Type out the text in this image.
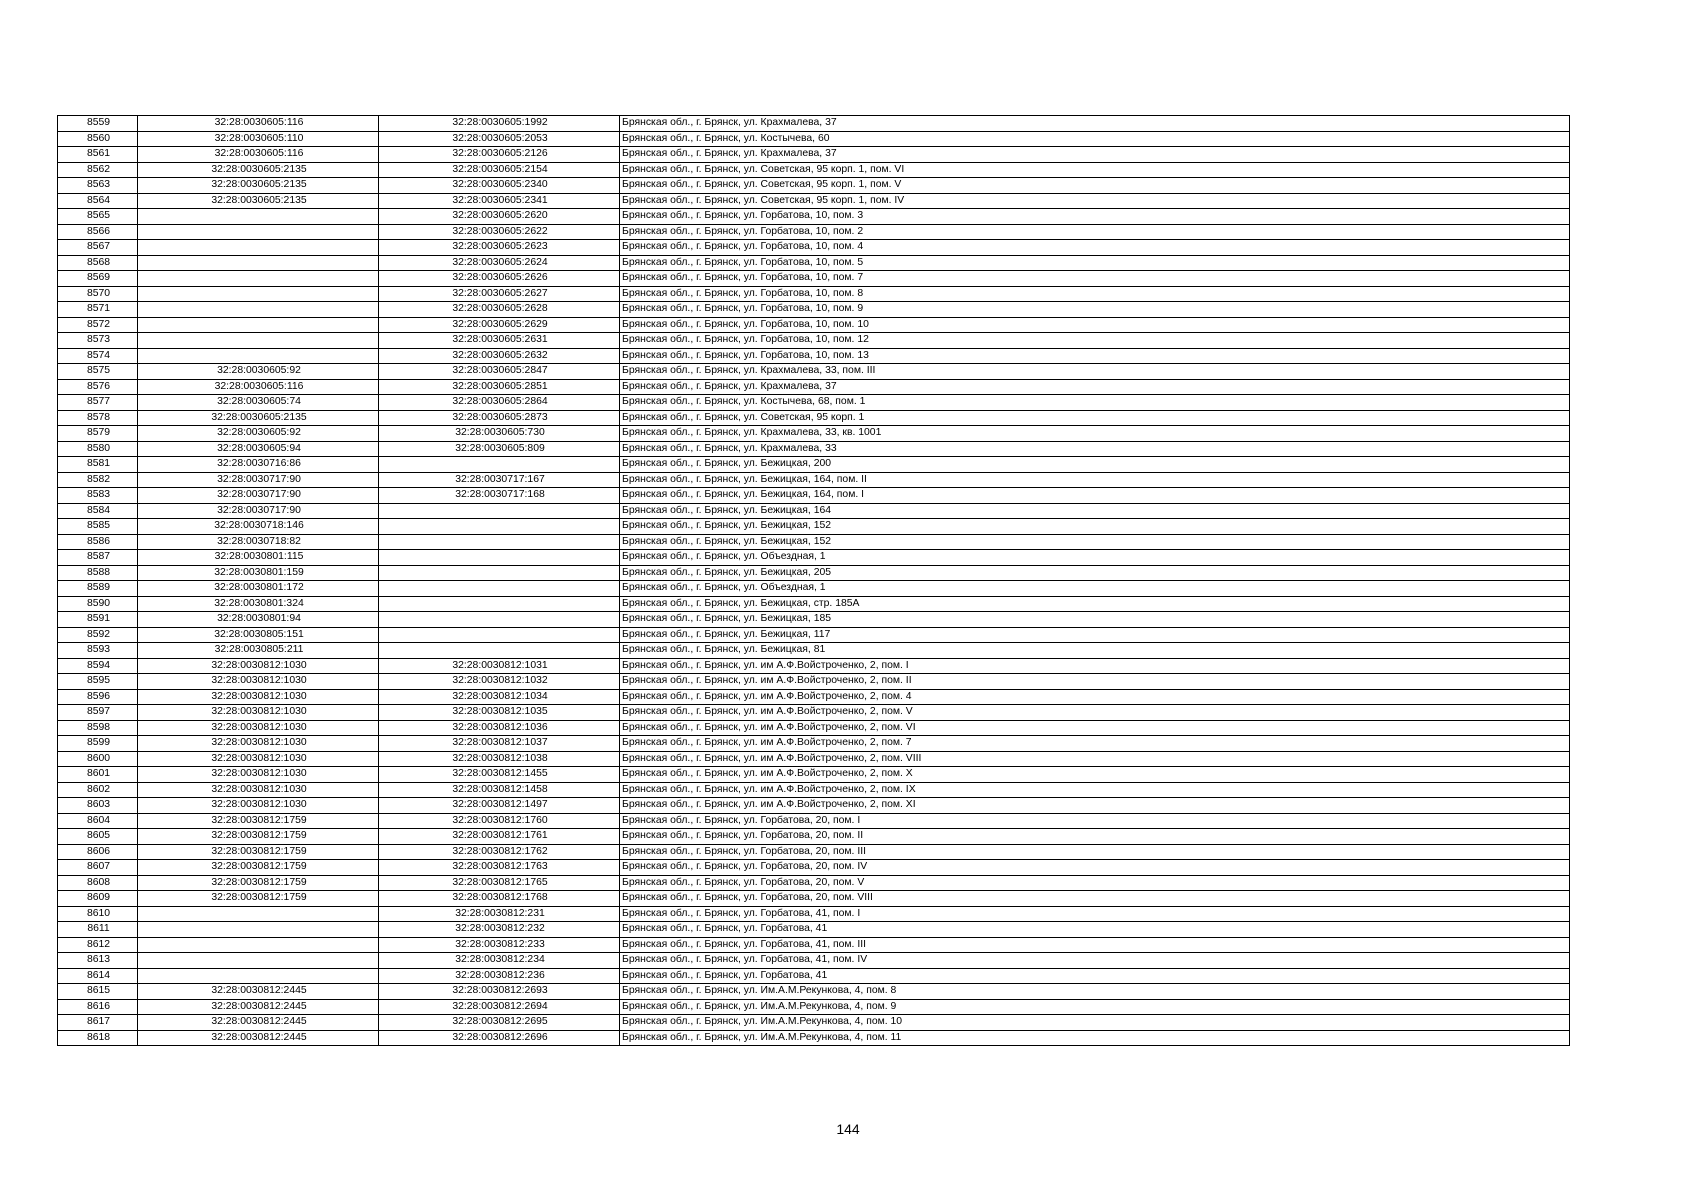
8559	32:28:0030605:116	32:28:0030605:1992	Брянская обл., г. Брянск, ул. Крахмалева, 37
8560	32:28:0030605:110	32:28:0030605:2053	Брянская обл., г. Брянск, ул. Костычева, 60
8561	32:28:0030605:116	32:28:0030605:2126	Брянская обл., г. Брянск, ул. Крахмалева, 37
8562	32:28:0030605:2135	32:28:0030605:2154	Брянская обл., г. Брянск, ул. Советская, 95 корп. 1, пом. VI
8563	32:28:0030605:2135	32:28:0030605:2340	Брянская обл., г. Брянск, ул. Советская, 95 корп. 1, пом. V
8564	32:28:0030605:2135	32:28:0030605:2341	Брянская обл., г. Брянск, ул. Советская, 95 корп. 1, пом. IV
8565		32:28:0030605:2620	Брянская обл., г. Брянск, ул. Горбатова, 10, пом. 3
8566		32:28:0030605:2622	Брянская обл., г. Брянск, ул. Горбатова, 10, пом. 2
8567		32:28:0030605:2623	Брянская обл., г. Брянск, ул. Горбатова, 10, пом. 4
8568		32:28:0030605:2624	Брянская обл., г. Брянск, ул. Горбатова, 10, пом. 5
8569		32:28:0030605:2626	Брянская обл., г. Брянск, ул. Горбатова, 10, пом. 7
8570		32:28:0030605:2627	Брянская обл., г. Брянск, ул. Горбатова, 10, пом. 8
8571		32:28:0030605:2628	Брянская обл., г. Брянск, ул. Горбатова, 10, пом. 9
8572		32:28:0030605:2629	Брянская обл., г. Брянск, ул. Горбатова, 10, пом. 10
8573		32:28:0030605:2631	Брянская обл., г. Брянск, ул. Горбатова, 10, пом. 12
8574		32:28:0030605:2632	Брянская обл., г. Брянск, ул. Горбатова, 10, пом. 13
8575	32:28:0030605:92	32:28:0030605:2847	Брянская обл., г. Брянск, ул. Крахмалева, 33, пом. III
8576	32:28:0030605:116	32:28:0030605:2851	Брянская обл., г. Брянск, ул. Крахмалева, 37
8577	32:28:0030605:74	32:28:0030605:2864	Брянская обл., г. Брянск, ул. Костычева, 68, пом. 1
8578	32:28:0030605:2135	32:28:0030605:2873	Брянская обл., г. Брянск, ул. Советская, 95 корп. 1
8579	32:28:0030605:92	32:28:0030605:730	Брянская обл., г. Брянск, ул. Крахмалева, 33, кв. 1001
8580	32:28:0030605:94	32:28:0030605:809	Брянская обл., г. Брянск, ул. Крахмалева, 33
8581	32:28:0030716:86		Брянская обл., г. Брянск, ул. Бежицкая, 200
8582	32:28:0030717:90	32:28:0030717:167	Брянская обл., г. Брянск, ул. Бежицкая, 164, пом. II
8583	32:28:0030717:90	32:28:0030717:168	Брянская обл., г. Брянск, ул. Бежицкая, 164, пом. I
8584	32:28:0030717:90		Брянская обл., г. Брянск, ул. Бежицкая, 164
8585	32:28:0030718:146		Брянская обл., г. Брянск, ул. Бежицкая, 152
8586	32:28:0030718:82		Брянская обл., г. Брянск, ул. Бежицкая, 152
8587	32:28:0030801:115		Брянская обл., г. Брянск, ул. Объездная, 1
8588	32:28:0030801:159		Брянская обл., г. Брянск, ул. Бежицкая, 205
8589	32:28:0030801:172		Брянская обл., г. Брянск, ул. Объездная, 1
8590	32:28:0030801:324		Брянская обл., г. Брянск, ул. Бежицкая, стр. 185А
8591	32:28:0030801:94		Брянская обл., г. Брянск, ул. Бежицкая, 185
8592	32:28:0030805:151		Брянская обл., г. Брянск, ул. Бежицкая, 117
8593	32:28:0030805:211		Брянская обл., г. Брянск, ул. Бежицкая, 81
8594	32:28:0030812:1030	32:28:0030812:1031	Брянская обл., г. Брянск, ул. им А.Ф.Войстроченко, 2, пом. I
8595	32:28:0030812:1030	32:28:0030812:1032	Брянская обл., г. Брянск, ул. им А.Ф.Войстроченко, 2, пом. II
8596	32:28:0030812:1030	32:28:0030812:1034	Брянская обл., г. Брянск, ул. им А.Ф.Войстроченко, 2, пом. 4
8597	32:28:0030812:1030	32:28:0030812:1035	Брянская обл., г. Брянск, ул. им А.Ф.Войстроченко, 2, пом. V
8598	32:28:0030812:1030	32:28:0030812:1036	Брянская обл., г. Брянск, ул. им А.Ф.Войстроченко, 2, пом. VI
8599	32:28:0030812:1030	32:28:0030812:1037	Брянская обл., г. Брянск, ул. им А.Ф.Войстроченко, 2, пом. 7
8600	32:28:0030812:1030	32:28:0030812:1038	Брянская обл., г. Брянск, ул. им А.Ф.Войстроченко, 2, пом. VIII
8601	32:28:0030812:1030	32:28:0030812:1455	Брянская обл., г. Брянск, ул. им А.Ф.Войстроченко, 2, пом. X
8602	32:28:0030812:1030	32:28:0030812:1458	Брянская обл., г. Брянск, ул. им А.Ф.Войстроченко, 2, пом. IX
8603	32:28:0030812:1030	32:28:0030812:1497	Брянская обл., г. Брянск, ул. им А.Ф.Войстроченко, 2, пом. XI
8604	32:28:0030812:1759	32:28:0030812:1760	Брянская обл., г. Брянск, ул. Горбатова, 20, пом. I
8605	32:28:0030812:1759	32:28:0030812:1761	Брянская обл., г. Брянск, ул. Горбатова, 20, пом. II
8606	32:28:0030812:1759	32:28:0030812:1762	Брянская обл., г. Брянск, ул. Горбатова, 20, пом. III
8607	32:28:0030812:1759	32:28:0030812:1763	Брянская обл., г. Брянск, ул. Горбатова, 20, пом. IV
8608	32:28:0030812:1759	32:28:0030812:1765	Брянская обл., г. Брянск, ул. Горбатова, 20, пом. V
8609	32:28:0030812:1759	32:28:0030812:1768	Брянская обл., г. Брянск, ул. Горбатова, 20, пом. VIII
8610		32:28:0030812:231	Брянская обл., г. Брянск, ул. Горбатова, 41, пом. I
8611		32:28:0030812:232	Брянская обл., г. Брянск, ул. Горбатова, 41
8612		32:28:0030812:233	Брянская обл., г. Брянск, ул. Горбатова, 41, пом. III
8613		32:28:0030812:234	Брянская обл., г. Брянск, ул. Горбатова, 41, пом. IV
8614		32:28:0030812:236	Брянская обл., г. Брянск, ул. Горбатова, 41
8615	32:28:0030812:2445	32:28:0030812:2693	Брянская обл., г. Брянск, ул. Им.А.М.Рекункова, 4, пом. 8
8616	32:28:0030812:2445	32:28:0030812:2694	Брянская обл., г. Брянск, ул. Им.А.М.Рекункова, 4, пом. 9
8617	32:28:0030812:2445	32:28:0030812:2695	Брянская обл., г. Брянск, ул. Им.А.М.Рекункова, 4, пом. 10
8618	32:28:0030812:2445	32:28:0030812:2696	Брянская обл., г. Брянск, ул. Им.А.М.Рекункова, 4, пом. 11
144
